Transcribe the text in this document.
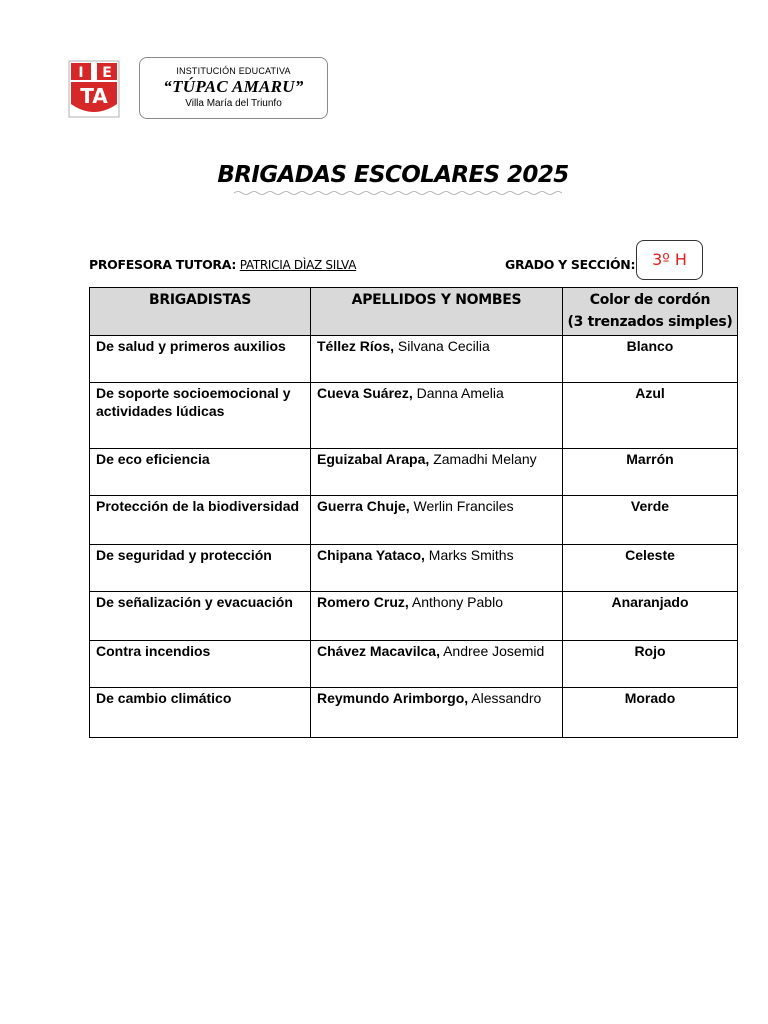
I E
TA
INSTITUCIÓN EDUCATIVA
“TÚPAC AMARU”
Villa María del Triunfo
BRIGADAS ESCOLARES 2025
PROFESORA TUTORA: PATRICIA DÌAZ SILVA	GRADO Y SECCIÓN:	3º H
BRIGADISTAS	APELLIDOS Y NOMBES	Color de cordón
(3 trenzados simples)
De salud y primeros auxilios	Téllez Ríos, Silvana Cecilia	Blanco
De soporte socioemocional y actividades lúdicas	Cueva Suárez, Danna Amelia	Azul
De eco eficiencia	Eguizabal Arapa, Zamadhi Melany	Marrón
Protección de la biodiversidad	Guerra Chuje, Werlin Franciles	Verde
De seguridad y protección	Chipana Yataco, Marks Smiths	Celeste
De señalización y evacuación	Romero Cruz, Anthony Pablo	Anaranjado
Contra incendios	Chávez Macavilca, Andree Josemid	Rojo
De cambio climático	Reymundo Arimborgo, Alessandro	Morado
